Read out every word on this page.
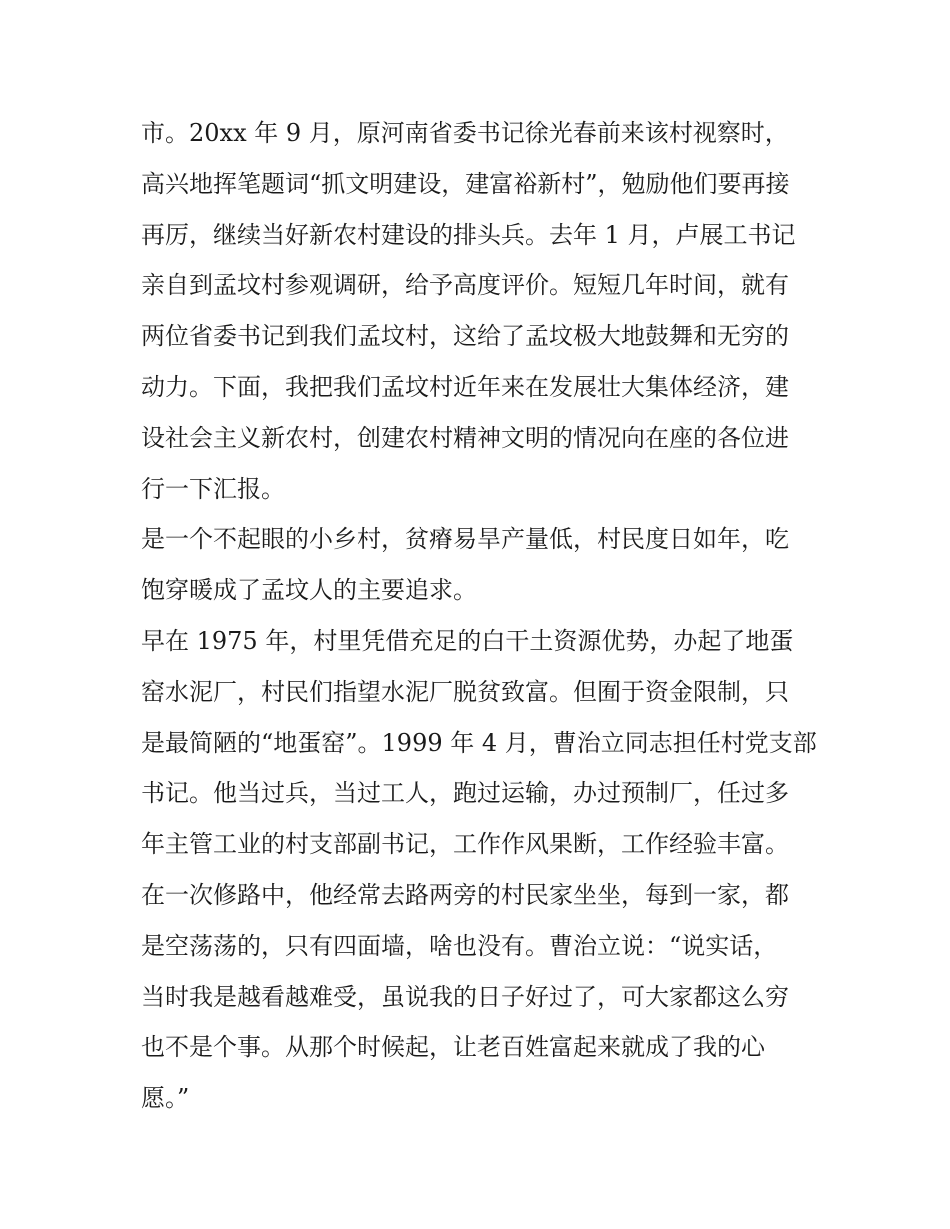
市。20xx 年 9 月，原河南省委书记徐光春前来该村视察时，
高兴地挥笔题词“抓文明建设，建富裕新村”，勉励他们要再接
再厉，继续当好新农村建设的排头兵。去年 1 月，卢展工书记
亲自到孟坟村参观调研，给予高度评价。短短几年时间，就有
两位省委书记到我们孟坟村，这给了孟坟极大地鼓舞和无穷的
动力。下面，我把我们孟坟村近年来在发展壮大集体经济，建
设社会主义新农村，创建农村精神文明的情况向在座的各位进
行一下汇报。
是一个不起眼的小乡村，贫瘠易旱产量低，村民度日如年，吃
饱穿暖成了孟坟人的主要追求。
早在 1975 年，村里凭借充足的白干土资源优势，办起了地蛋
窑水泥厂，村民们指望水泥厂脱贫致富。但囿于资金限制，只
是最简陋的“地蛋窑”。1999 年 4 月，曹治立同志担任村党支部
书记。他当过兵，当过工人，跑过运输，办过预制厂，任过多
年主管工业的村支部副书记，工作作风果断，工作经验丰富。
在一次修路中，他经常去路两旁的村民家坐坐，每到一家，都
是空荡荡的，只有四面墙，啥也没有。曹治立说：“说实话，
当时我是越看越难受，虽说我的日子好过了，可大家都这么穷
也不是个事。从那个时候起，让老百姓富起来就成了我的心
愿。”
